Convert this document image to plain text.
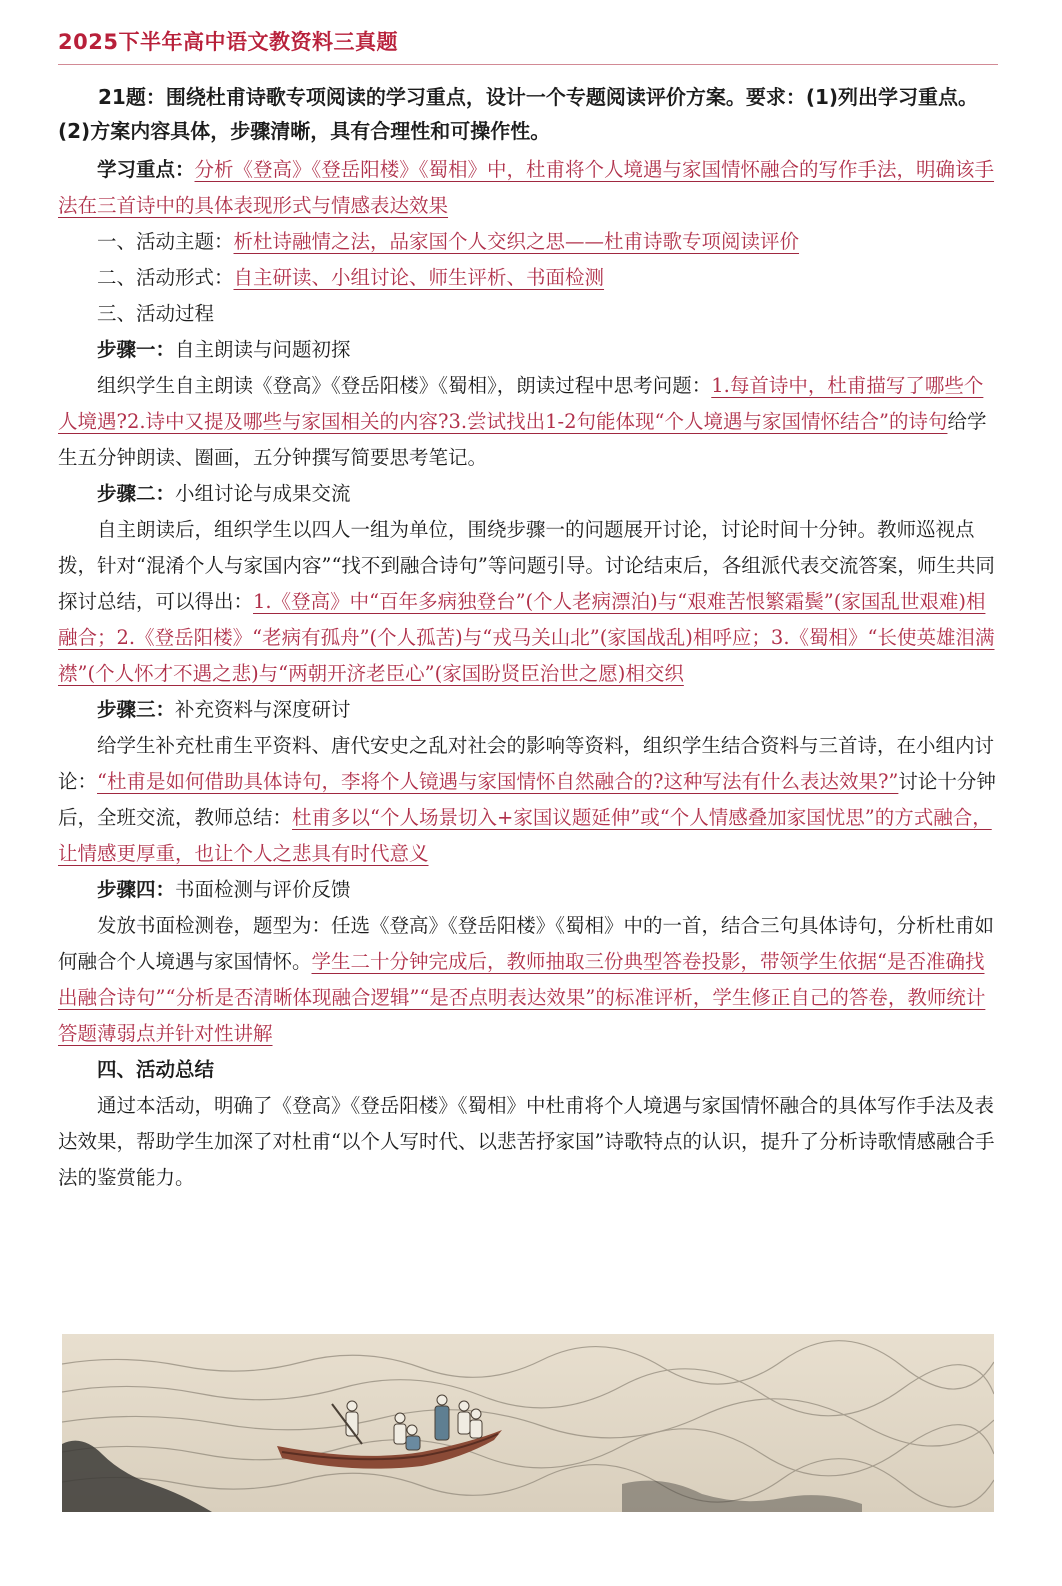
2025下半年高中语文教资料三真题

21题：围绕杜甫诗歌专项阅读的学习重点，设计一个专题阅读评价方案。要求：(1)列出学习重点。(2)方案内容具体，步骤清晰，具有合理性和可操作性。

学习重点：分析《登高》《登岳阳楼》《蜀相》中，杜甫将个人境遇与家国情怀融合的写作手法，明确该手法在三首诗中的具体表现形式与情感表达效果

一、活动主题：析杜诗融情之法，品家国个人交织之思——杜甫诗歌专项阅读评价

二、活动形式：自主研读、小组讨论、师生评析、书面检测

三、活动过程

步骤一：自主朗读与问题初探

组织学生自主朗读《登高》《登岳阳楼》《蜀相》，朗读过程中思考问题：1.每首诗中，杜甫描写了哪些个人境遇?2.诗中又提及哪些与家国相关的内容?3.尝试找出1-2句能体现“个人境遇与家国情怀结合”的诗句给学生五分钟朗读、圈画，五分钟撰写简要思考笔记。

步骤二：小组讨论与成果交流

自主朗读后，组织学生以四人一组为单位，围绕步骤一的问题展开讨论，讨论时间十分钟。教师巡视点拨，针对“混淆个人与家国内容”“找不到融合诗句”等问题引导。讨论结束后，各组派代表交流答案，师生共同探讨总结，可以得出：1.《登高》中“百年多病独登台”(个人老病漂泊)与“艰难苦恨繁霜鬓”(家国乱世艰难)相融合；2.《登岳阳楼》“老病有孤舟”(个人孤苦)与“戎马关山北”(家国战乱)相呼应；3.《蜀相》“长使英雄泪满襟”(个人怀才不遇之悲)与“两朝开济老臣心”(家国盼贤臣治世之愿)相交织

步骤三：补充资料与深度研讨

给学生补充杜甫生平资料、唐代安史之乱对社会的影响等资料，组织学生结合资料与三首诗，在小组内讨论：“杜甫是如何借助具体诗句，李将个人镜遇与家国情怀自然融合的?这种写法有什么表达效果?”讨论十分钟后，全班交流，教师总结：杜甫多以“个人场景切入+家国议题延伸”或“个人情感叠加家国忧思”的方式融合，让情感更厚重，也让个人之悲具有时代意义

步骤四：书面检测与评价反馈

发放书面检测卷，题型为：任选《登高》《登岳阳楼》《蜀相》中的一首，结合三句具体诗句，分析杜甫如何融合个人境遇与家国情怀。学生二十分钟完成后，教师抽取三份典型答卷投影，带领学生依据“是否准确找出融合诗句”“分析是否清晰体现融合逻辑”“是否点明表达效果”的标准评析，学生修正自己的答卷，教师统计答题薄弱点并针对性讲解

四、活动总结

通过本活动，明确了《登高》《登岳阳楼》《蜀相》中杜甫将个人境遇与家国情怀融合的具体写作手法及表达效果，帮助学生加深了对杜甫“以个人写时代、以悲苦抒家国”诗歌特点的认识，提升了分析诗歌情感融合手法的鉴赏能力。
